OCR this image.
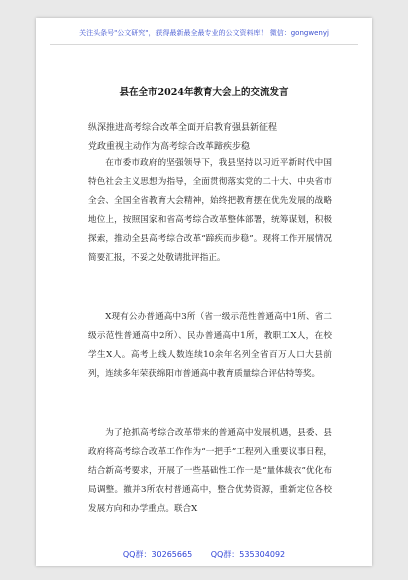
关注头条号"公文研究"，获得最新最全最专业的公文资料库！ 微信：gongwenyj
县在全市2024年教育大会上的交流发言
纵深推进高考综合改革全面开启教育强县新征程
党政重视主动作为高考综合改革蹄疾步稳

在市委市政府的坚强领导下，我县坚持以习近平新时代中国特色社会主义思想为指导，全面贯彻落实党的二十大、中央省市全会、全国全省教育大会精神，始终把教育摆在优先发展的战略地位上，按照国家和省高考综合改革整体部署，统筹谋划，积极探索，推动全县高考综合改革“蹄疾而步稳”。现将工作开展情况简要汇报，不妥之处敬请批评指正。

X现有公办普通高中3所（省一级示范性普通高中1所、省二级示范性普通高中2所）、民办普通高中1所，教职工X人，在校学生X人。高考上线人数连续10余年名列全省百万人口大县前列，连续多年荣获绵阳市普通高中教育质量综合评估特等奖。

为了抢抓高考综合改革带来的普通高中发展机遇，县委、县政府将高考综合改革工作作为“一把手”工程列入重要议事日程，结合新高考要求，开展了一些基础性工作一是“量体裁衣”优化布局调整。撤并3所农村普通高中，整合优势资源，重新定位各校发展方向和办学重点。联合X

QQ群：30265665 QQ群：535304092
